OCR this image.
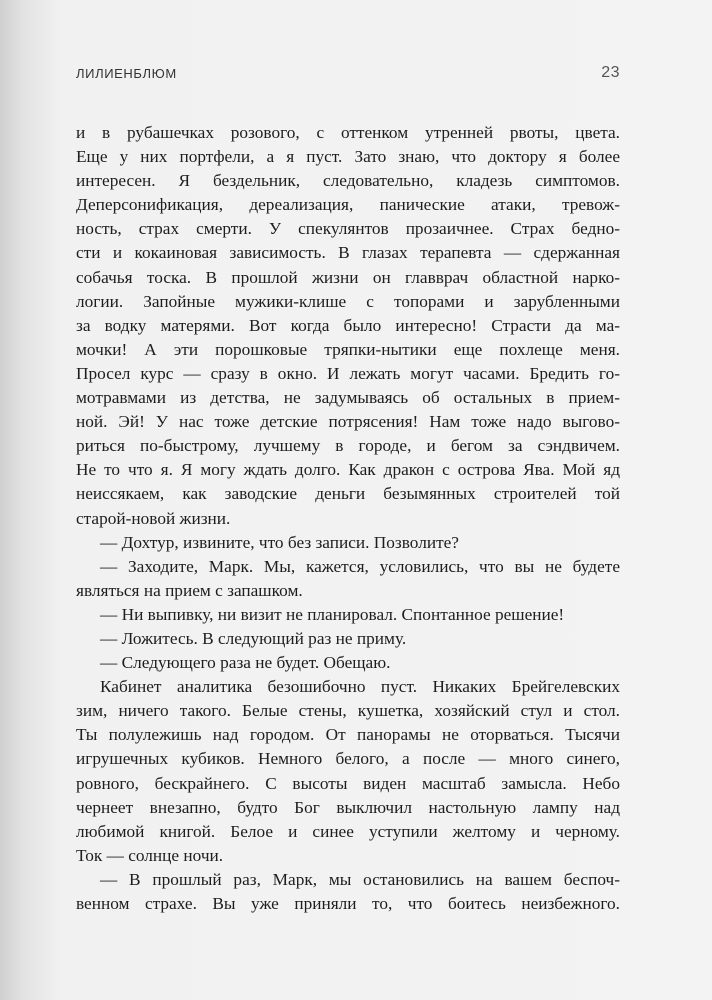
ЛИЛИЕНБЛЮМ	23
и в рубашечках розового, с оттенком утренней рвоты, цвета.
Еще у них портфели, а я пуст. Зато знаю, что доктору я более
интересен. Я бездельник, следовательно, кладезь симптомов.
Деперсонификация, дереализация, панические атаки, тревож-
ность, страх смерти. У спекулянтов прозаичнее. Страх бедно-
сти и кокаиновая зависимость. В глазах терапевта — сдержанная
собачья тоска. В прошлой жизни он главврач областной нарко-
логии. Запойные мужики-клише с топорами и зарубленными
за водку матерями. Вот когда было интересно! Страсти да ма-
мочки! А эти порошковые тряпки-нытики еще похлеще меня.
Просел курс — сразу в окно. И лежать могут часами. Бредить го-
мотравмами из детства, не задумываясь об остальных в прием-
ной. Эй! У нас тоже детские потрясения! Нам тоже надо выгово-
риться по-быстрому, лучшему в городе, и бегом за сэндвичем.
Не то что я. Я могу ждать долго. Как дракон с острова Ява. Мой яд
неиссякаем, как заводские деньги безымянных строителей той
старой-новой жизни.
— Дохтур, извините, что без записи. Позволите?
— Заходите, Марк. Мы, кажется, условились, что вы не будете
являться на прием с запашком.
— Ни выпивку, ни визит не планировал. Спонтанное решение!
— Ложитесь. В следующий раз не приму.
— Следующего раза не будет. Обещаю.
Кабинет аналитика безошибочно пуст. Никаких Брейгелевских
зим, ничего такого. Белые стены, кушетка, хозяйский стул и стол.
Ты полулежишь над городом. От панорамы не оторваться. Тысячи
игрушечных кубиков. Немного белого, а после — много синего,
ровного, бескрайнего. С высоты виден масштаб замысла. Небо
чернеет внезапно, будто Бог выключил настольную лампу над
любимой книгой. Белое и синее уступили желтому и черному.
Ток — солнце ночи.
— В прошлый раз, Марк, мы остановились на вашем беспоч-
венном страхе. Вы уже приняли то, что боитесь неизбежного.
